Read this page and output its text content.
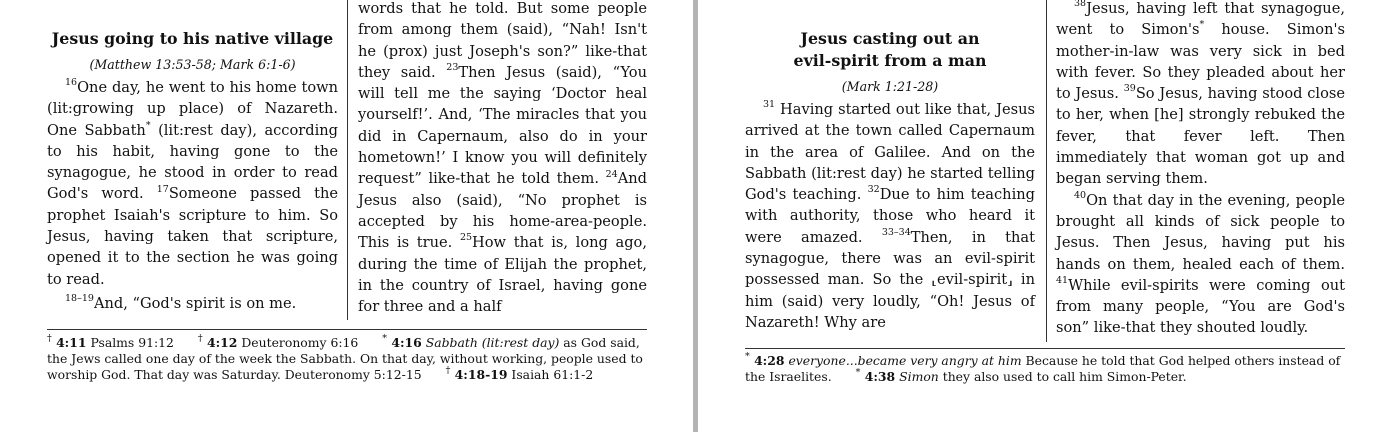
Jesus going to his native village
(Matthew 13:53-58; Mark 6:1-6)

$^{16}$One day, he went to his home town (lit:growing up place) of Nazareth. One Sabbath* (lit:rest day), according to his habit, having gone to the synagogue, he stood in order to read God's word. $^{17}$Someone passed the prophet Isaiah's scripture to him. So Jesus, having taken that scripture, opened it to the section he was going to read.

$^{18-19}$And, “God's spirit is on me.

words that he told. But some people from among them (said), “Nah! Isn't he (prox) just Joseph's son?” like-that they said. $^{23}$Then Jesus (said), “You will tell me the saying ‘Doctor heal yourself!’. And, ‘The miracles that you did in Capernaum, also do in your hometown!’ I know you will definitely request” like-that he told them. $^{24}$And Jesus also (said), “No prophet is accepted by his home-area-people. This is true. $^{25}$How that is, long ago, during the time of Elijah the prophet, in the country of Israel, having gone for three and a half

† 4:11 Psalms 91:12	† 4:12 Deuteronomy 6:16	* 4:16 Sabbath (lit:rest day) as God said, the Jews called one day of the week the Sabbath. On that day, without working, people used to worship God. That day was Saturday. Deuteronomy 5:12-15	† 4:18-19 Isaiah 61:1-2
Jesus casting out an
evil-spirit from a man
(Mark 1:21-28)

$^{31}$ Having started out like that, Jesus arrived at the town called Capernaum in the area of Galilee. And on the Sabbath (lit:rest day) he started telling God's teaching. $^{32}$Due to him teaching with authority, those who heard it were amazed. $^{33-34}$Then, in that synagogue, there was an evil-spirit possessed man. So the ⸤evil-spirit⸥ in him (said) very loudly, “Oh! Jesus of Nazareth! Why are

$^{38}$Jesus, having left that synagogue, went to Simon's* house. Simon's mother-in-law was very sick in bed with fever. So they pleaded about her to Jesus. $^{39}$So Jesus, having stood close to her, when [he] strongly rebuked the fever, that fever left. Then immediately that woman got up and began serving them.

$^{40}$On that day in the evening, people brought all kinds of sick people to Jesus. Then Jesus, having put his hands on them, healed each of them. $^{41}$While evil-spirits were coming out from many people, “You are God's son” like-that they shouted loudly.

* 4:28 everyone...became very angry at him Because he told that God helped others instead of the Israelites.	* 4:38 Simon they also used to call him Simon-Peter.
